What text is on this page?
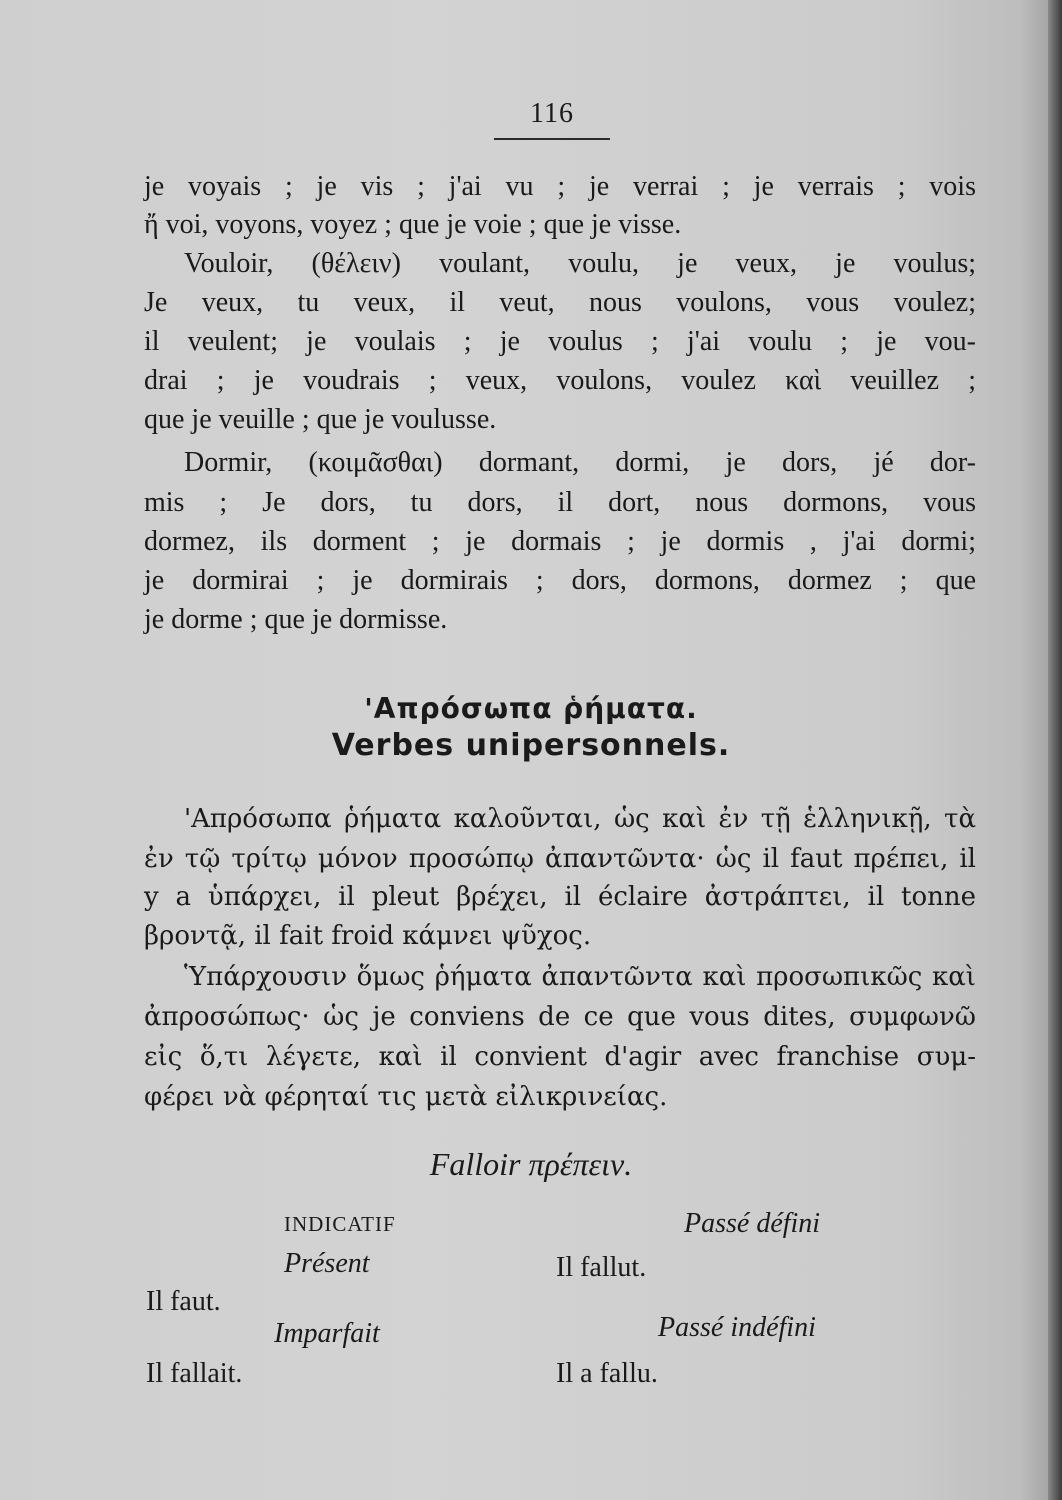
116
je voyais ; je vis ; j'ai vu ; je verrai ; je verrais ; vois
ἤ voi, voyons, voyez ; que je voie ; que je visse.
Vouloir, (θέλειν) voulant, voulu, je veux, je voulus;
Je veux, tu veux, il veut, nous voulons, vous voulez;
il veulent; je voulais ; je voulus ; j'ai voulu ; je vou-
drai ; je voudrais ; veux, voulons, voulez καὶ veuillez ;
que je veuille ; que je voulusse.
Dormir, (κοιμᾶσθαι) dormant, dormi, je dors, jé dor-
mis ; Je dors, tu dors, il dort, nous dormons, vous
dormez, ils dorment ; je dormais ; je dormis , j'ai dormi;
je dormirai ; je dormirais ; dors, dormons, dormez ; que
je dorme ; que je dormisse.
'Απρόσωπα ῥήματα.
Verbes unipersonnels.
'Απρόσωπα ῥήματα καλοῦνται, ὡς καὶ ἐν τῇ ἑλληνικῇ, τὰ
ἐν τῷ τρίτῳ μόνον προσώπῳ ἀπαντῶντα· ὡς il faut πρέπει, il
y a ὑπάρχει, il pleut βρέχει, il éclaire ἀστράπτει, il tonne
βροντᾷ, il fait froid κάμνει ψῦχος.
Ὑπάρχουσιν ὅμως ῥήματα ἀπαντῶντα καὶ προσωπικῶς καὶ
ἀπροσώπως· ὡς je conviens de ce que vous dites, συμφωνῶ
εἰς ὅ,τι λέγετε, καὶ il convient d'agir avec franchise συμ-
φέρει νὰ φέρηταί τις μετὰ εἰλικρινείας.
Falloir πρέπειν.
INDICATIF
Présent
Il faut.
Imparfait
Il fallait.
Passé défini
Il fallut.
Passé indéfini
Il a fallu.
